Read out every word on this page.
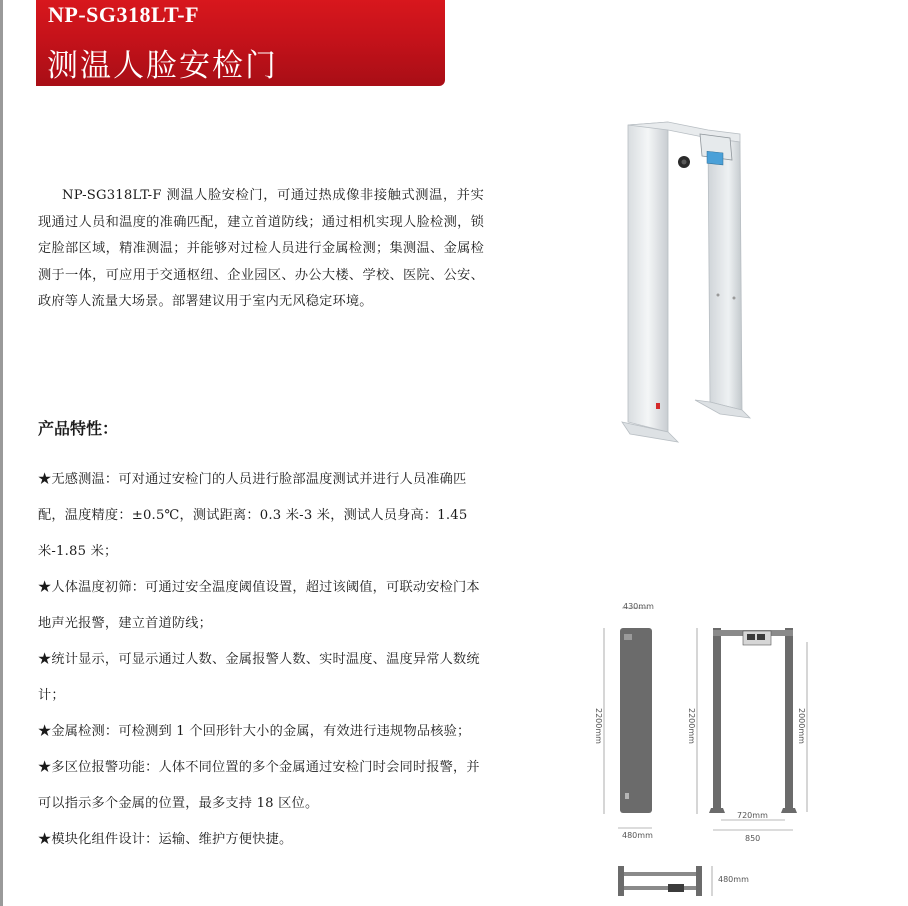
NP-SG318LT-F
测温人脸安检门

NP-SG318LT-F 测温人脸安检门，可通过热成像非接触式测温，并实现通过人员和温度的准确匹配，建立首道防线；通过相机实现人脸检测，锁定脸部区域，精准测温；并能够对过检人员进行金属检测；集测温、金属检测于一体，可应用于交通枢纽、企业园区、办公大楼、学校、医院、公安、政府等人流量大场景。部署建议用于室内无风稳定环境。

430mm
2200mm
480mm
2200mm	2000mm
720mm
850
480mm
产品特性：

★无感测温：可对通过安检门的人员进行脸部温度测试并进行人员准确匹配，温度精度：±0.5℃，测试距离：0.3 米-3 米，测试人员身高：1.45 米-1.85 米；

★人体温度初筛：可通过安全温度阈值设置，超过该阈值，可联动安检门本地声光报警，建立首道防线；

★统计显示，可显示通过人数、金属报警人数、实时温度、温度异常人数统计；

★金属检测：可检测到 1 个回形针大小的金属，有效进行违规物品核验；

★多区位报警功能：人体不同位置的多个金属通过安检门时会同时报警，并可以指示多个金属的位置，最多支持 18 区位。

★模块化组件设计：运输、维护方便快捷。
